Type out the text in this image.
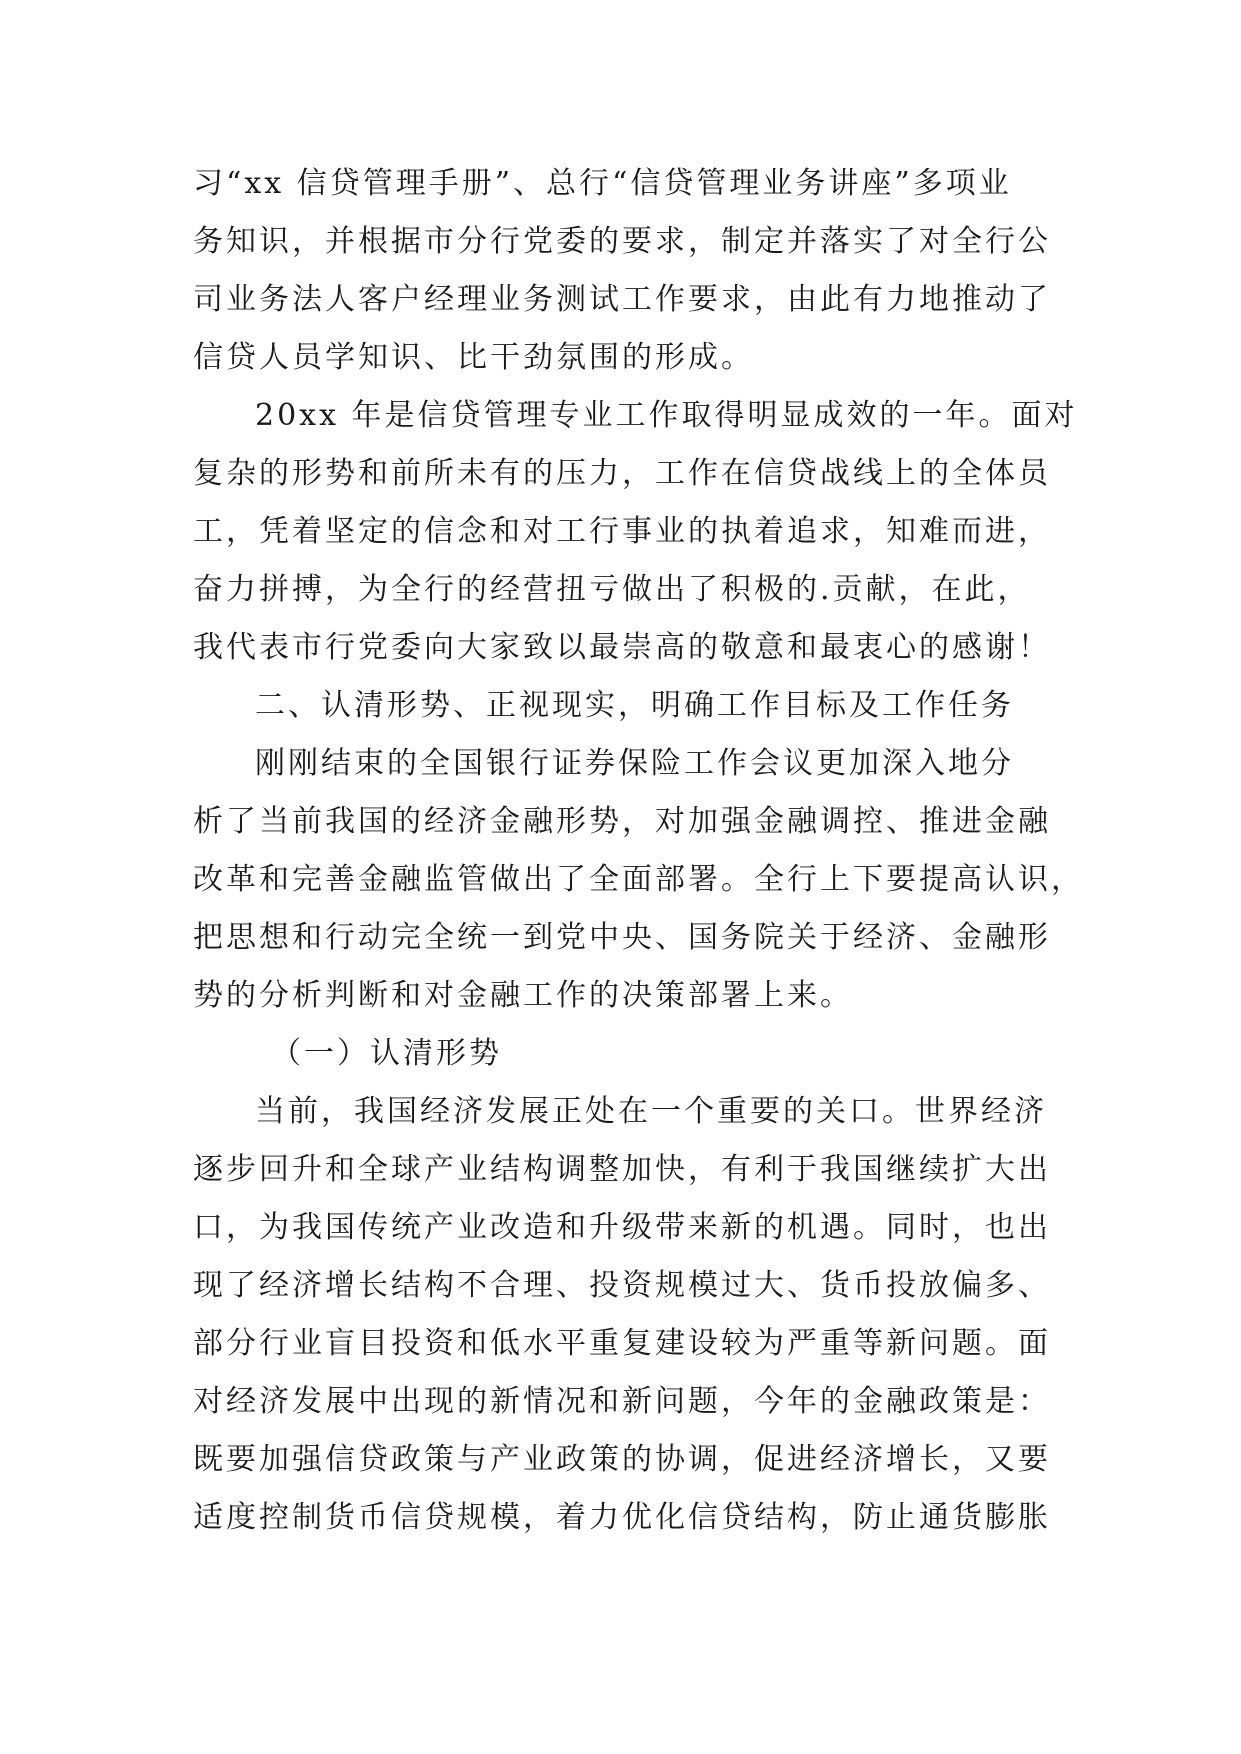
习“xx 信贷管理手册”、总行“信贷管理业务讲座”多项业
务知识，并根据市分行党委的要求，制定并落实了对全行公
司业务法人客户经理业务测试工作要求，由此有力地推动了
信贷人员学知识、比干劲氛围的形成。
20xx 年是信贷管理专业工作取得明显成效的一年。面对
复杂的形势和前所未有的压力，工作在信贷战线上的全体员
工，凭着坚定的信念和对工行事业的执着追求，知难而进，
奋力拼搏，为全行的经营扭亏做出了积极的.贡献，在此，
我代表市行党委向大家致以最崇高的敬意和最衷心的感谢！
二、认清形势、正视现实，明确工作目标及工作任务
刚刚结束的全国银行证券保险工作会议更加深入地分
析了当前我国的经济金融形势，对加强金融调控、推进金融
改革和完善金融监管做出了全面部署。全行上下要提高认识，
把思想和行动完全统一到党中央、国务院关于经济、金融形
势的分析判断和对金融工作的决策部署上来。
（一）认清形势
当前，我国经济发展正处在一个重要的关口。世界经济
逐步回升和全球产业结构调整加快，有利于我国继续扩大出
口，为我国传统产业改造和升级带来新的机遇。同时，也出
现了经济增长结构不合理、投资规模过大、货币投放偏多、
部分行业盲目投资和低水平重复建设较为严重等新问题。面
对经济发展中出现的新情况和新问题，今年的金融政策是：
既要加强信贷政策与产业政策的协调，促进经济增长，又要
适度控制货币信贷规模，着力优化信贷结构，防止通货膨胀
